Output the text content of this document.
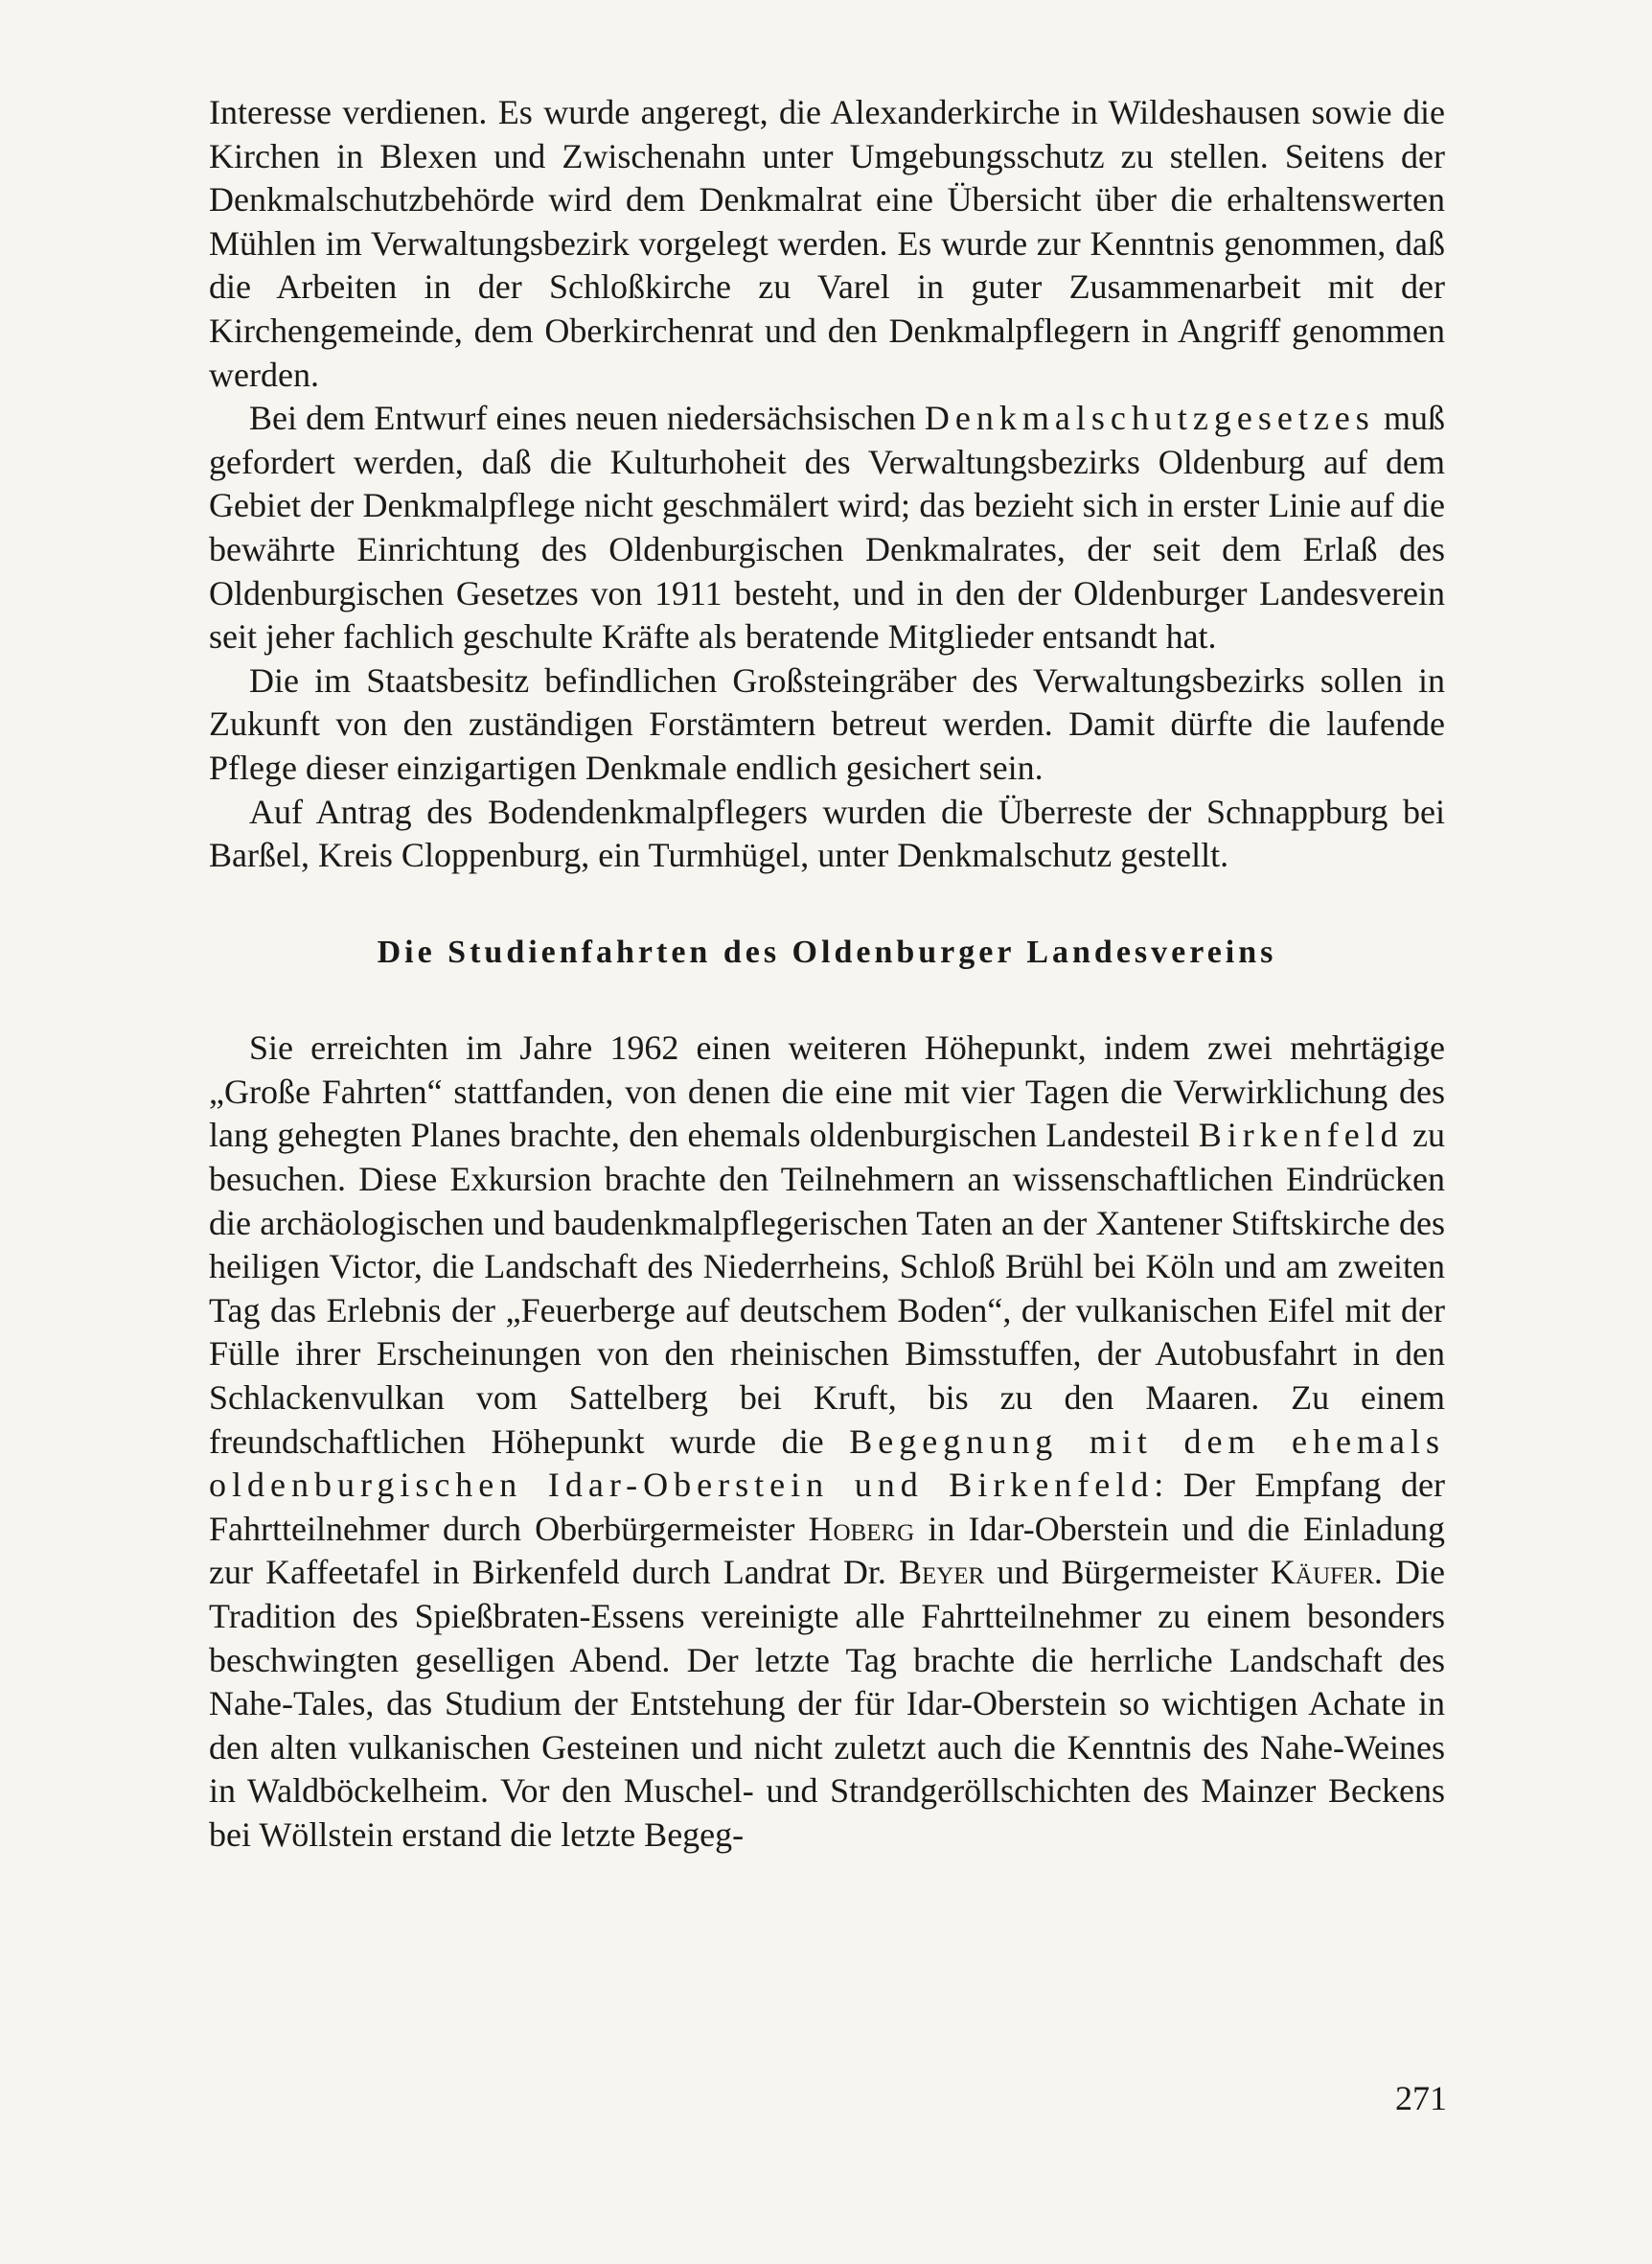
Interesse verdienen. Es wurde angeregt, die Alexanderkirche in Wildeshausen sowie die Kirchen in Blexen und Zwischenahn unter Umgebungsschutz zu stellen. Seitens der Denkmalschutzbehörde wird dem Denkmalrat eine Übersicht über die erhaltenswerten Mühlen im Verwaltungsbezirk vorgelegt werden. Es wurde zur Kenntnis genommen, daß die Arbeiten in der Schloßkirche zu Varel in guter Zusammenarbeit mit der Kirchengemeinde, dem Oberkirchenrat und den Denkmalpflegern in Angriff genommen werden.

Bei dem Entwurf eines neuen niedersächsischen Denkmalschutzgesetzes muß gefordert werden, daß die Kulturhoheit des Verwaltungsbezirks Oldenburg auf dem Gebiet der Denkmalpflege nicht geschmälert wird; das bezieht sich in erster Linie auf die bewährte Einrichtung des Oldenburgischen Denkmalrates, der seit dem Erlaß des Oldenburgischen Gesetzes von 1911 besteht, und in den der Oldenburger Landesverein seit jeher fachlich geschulte Kräfte als beratende Mitglieder entsandt hat.

Die im Staatsbesitz befindlichen Großsteingräber des Verwaltungsbezirks sollen in Zukunft von den zuständigen Forstämtern betreut werden. Damit dürfte die laufende Pflege dieser einzigartigen Denkmale endlich gesichert sein.

Auf Antrag des Bodendenkmalpflegers wurden die Überreste der Schnappburg bei Barßel, Kreis Cloppenburg, ein Turmhügel, unter Denkmalschutz gestellt.

Die Studienfahrten des Oldenburger Landesvereins

Sie erreichten im Jahre 1962 einen weiteren Höhepunkt, indem zwei mehrtägige „Große Fahrten“ stattfanden, von denen die eine mit vier Tagen die Verwirklichung des lang gehegten Planes brachte, den ehemals oldenburgischen Landesteil Birkenfeld zu besuchen. Diese Exkursion brachte den Teilnehmern an wissenschaftlichen Eindrücken die archäologischen und baudenkmalpflegerischen Taten an der Xantener Stiftskirche des heiligen Victor, die Landschaft des Niederrheins, Schloß Brühl bei Köln und am zweiten Tag das Erlebnis der „Feuerberge auf deutschem Boden“, der vulkanischen Eifel mit der Fülle ihrer Erscheinungen von den rheinischen Bimsstuffen, der Autobusfahrt in den Schlackenvulkan vom Sattelberg bei Kruft, bis zu den Maaren. Zu einem freundschaftlichen Höhepunkt wurde die Begegnung mit dem ehemals oldenburgischen Idar-Oberstein und Birkenfeld: Der Empfang der Fahrtteilnehmer durch Oberbürgermeister Hoberg in Idar-Oberstein und die Einladung zur Kaffeetafel in Birkenfeld durch Landrat Dr. Beyer und Bürgermeister Käufer. Die Tradition des Spießbraten-Essens vereinigte alle Fahrtteilnehmer zu einem besonders beschwingten geselligen Abend. Der letzte Tag brachte die herrliche Landschaft des Nahe-Tales, das Studium der Entstehung der für Idar-Oberstein so wichtigen Achate in den alten vulkanischen Gesteinen und nicht zuletzt auch die Kenntnis des Nahe-Weines in Waldböckelheim. Vor den Muschel- und Strandgeröllschichten des Mainzer Beckens bei Wöllstein erstand die letzte Begeg-

271
